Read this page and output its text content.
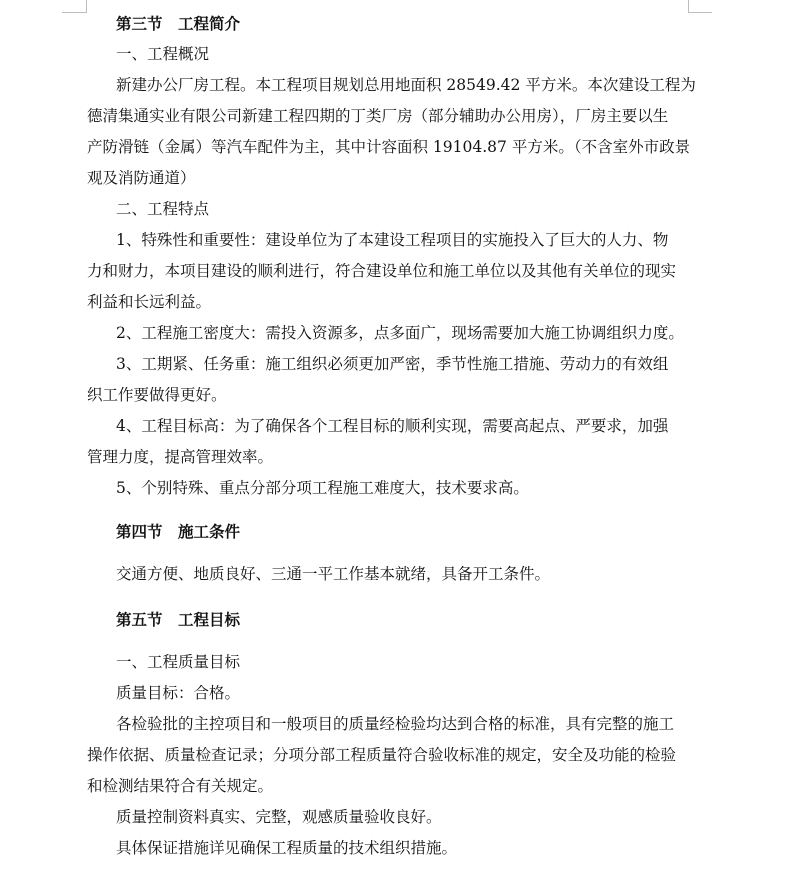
第三节　工程简介
一、工程概况
新建办公厂房工程。本工程项目规划总用地面积 28549.42 平方米。本次建设工程为
德清集通实业有限公司新建工程四期的丁类厂房（部分辅助办公用房），厂房主要以生
产防滑链（金属）等汽车配件为主，其中计容面积 19104.87 平方米。（不含室外市政景
观及消防通道）
二、工程特点
1、特殊性和重要性：建设单位为了本建设工程项目的实施投入了巨大的人力、物
力和财力，本项目建设的顺利进行，符合建设单位和施工单位以及其他有关单位的现实
利益和长远利益。
2、工程施工密度大：需投入资源多，点多面广，现场需要加大施工协调组织力度。
3、工期紧、任务重：施工组织必须更加严密，季节性施工措施、劳动力的有效组
织工作要做得更好。
4、工程目标高：为了确保各个工程目标的顺利实现，需要高起点、严要求，加强
管理力度，提高管理效率。
5、个别特殊、重点分部分项工程施工难度大，技术要求高。
第四节　施工条件
交通方便、地质良好、三通一平工作基本就绪，具备开工条件。
第五节　工程目标
一、工程质量目标
质量目标：合格。
各检验批的主控项目和一般项目的质量经检验均达到合格的标准，具有完整的施工
操作依据、质量检查记录；分项分部工程质量符合验收标准的规定，安全及功能的检验
和检测结果符合有关规定。
质量控制资料真实、完整，观感质量验收良好。
具体保证措施详见确保工程质量的技术组织措施。
